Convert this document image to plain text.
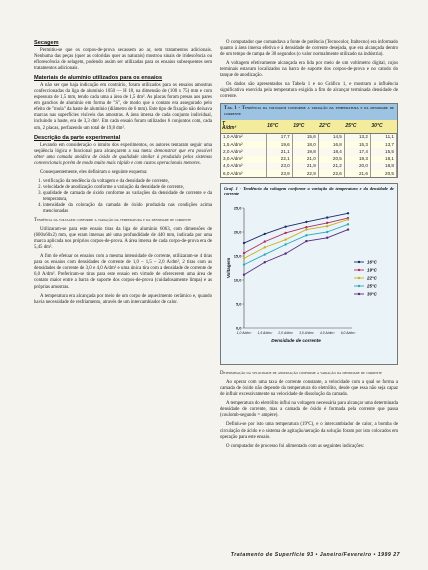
Secagem

Permitiu-se que os corpos-de-prova secassem ao ar, sem tratamentos adicionais. Nenhuma das peças (quer as coloridas quer as naturais) mostrou sinais de iridescência ou eflorescência de selagem, podendo assim ser utilizadas para os ensaios subsequentes sem tratamentos adicionais.

Materiais de alumínio utilizados para os ensaios

A não ser que haja indicação em contrário, foram utilizados para os ensaios amostras confeccionadas da liga de alumínio 1050 — H 18, na dimensão de (100 x 75) mm e com espessura de 1,5 mm, tendo cada uma a área de 1,5 dm². As placas foram presas aos pares em ganchos de alumínio em forma de "S", de modo que o contato era assegurado pelo efeito de "mola" da haste de alumínio (diâmetro de 6 mm). Este tipo de fixação não deixava marcas nas superfícies visíveis das amostras. A área imersa de cada conjunto individual, incluindo a haste, era de 3,3 dm². Em cada ensaio foram utilizados 6 conjuntos com, cada um, 2 placas, perfazendo um total de 19,8 dm².

Descrição da parte experimental

Levando em consideração o intuito dos experimentos, os autores tentaram seguir uma seqüência lógica e funcional para alcançarem a sua meta: demonstrar que era possível obter uma camada anódica de óxido de qualidade similar à produzida pelos sistemas convencionais porém de modo muito mais rápido e com custos operacionais menores.

Consequentemente, eles definiram o seguinte esquema:

1. verificação da tendência da voltagem e da densidade de corrente,
2. velocidade de anodização conforme a variação da densidade de corrente,
3. qualidade de camada de óxido conforme as variações da densidade de corrente e da temperatura,
4. intensidade da coloração da camada de óxido produzida nas condições acima mencionadas

Tendência da voltagem conforme a variação da temperatura e da densidade de corrente

Utilizaram-se para este ensaio tiras da liga de alumínio 6063, com dimensões de (600x60x2) mm, que eram imersas até uma profundidade de 440 mm, indicada por uma marca aplicada nos próprios corpos-de-prova. A área imersa de cada corpo-de-prova era de 5,45 dm².

A fim de efetuar os ensaios com a mesma intensidade de corrente, utilizaram-se 4 tiras para os ensaios com densidades de corrente de 1,0 – 1,5 – 2,0 A/dm², 2 tiras com as densidades de corrente de 3,0 e 4,0 A/dm² e uma única tira com a densidade de corrente de 6,0 A/dm². Preferiram-se tiras para este ensaio em virtude de oferecerem uma área de contato maior entre a barra de suporte dos corpos-de-prova (cuidadosamente limpa) e as próprias amostras.

A temperatura era alcançada por meio de um corpo de aquecimento cerâmico e, quando havia necessidade de resfriamento, através de um intercambiador de calor.

O computador que comandava a fonte de potência (Tecnocolor, Italtecno) era informado quanto à área imersa efetiva e à densidade de corrente desejada, que era alcançada dentro de um tempo de rampa de 30 segundos (o valor normalmente utilizado na indústria).

A voltagem efetivamente alcançada era lida por meio de um voltímetro digital, cujos terminais estavam localizados na barra de suporte dos corpos-de-prova e no catodo do tanque de anodização.

Os dados são apresentados na Tabela 1 e no Gráfico 1, e mostram a influência significativa exercida pela temperatura exigida a fim de alcançar terminada densidade de corrente.

Tab. 1 - Tendência da voltagem conforme a variação da temperatura e da densidade de corrente
T
A/dm²	16°C	19°C	22°C	25°C	30°C
1,0 A/dm²	17,7	15,6	14,5	13,2	11,1
1,5 A/dm²	19,6	18,0	16,8	15,3	13,7
2,0 A/dm²	21,1	19,8	18,4	17,4	15,5
3,0 A/dm²	22,1	21,0	20,5	19,3	18,1
4,0 A/dm²	23,0	21,9	21,2	20,0	18,8
6,0 A/dm²	23,9	22,9	22,6	21,6	20,5
Graf. 1 - Tendência da voltagem conforme a variação da temperatura e da densidade de corrente
0,0
5,0
10,0
15,0
20,0
25,0
1,0 A/dm² 1,5 A/dm² 2,0 A/dm² 3,0 A/dm² 4,0 A/dm² 6,0 A/dm²
Voltagem
Densidade de corrente
16°C
19°C
22°C
25°C
30°C

Determinação da velocidade de anodização conforme a variação da densidade de corrente

Ao operar com uma taxa de corrente constante, a velocidade com a qual se forma a camada de óxido não depende da temperatura do eletrólito, desde que essa não seja capaz de influir excessivamente na velocidade de dissolução da camada.

A temperatura do eletrólito influi na voltagem necessária para alcançar uma determinada densidade de corrente, mas a camada de óxido é formada pela corrente que passa (coulomb-segundo = ampère).

Definiu-se por isto uma temperatura (19ºC), e o intercambiador de calor, a bomba de circulação de ácido e o sistema de agitação/aeração da solução foram por isto colocados em operação para este ensaio.

O computador de processo foi alimentado com as seguintes indicações:

Tratamento de Superfície 93 • Janeiro/Fevereiro • 1999 27
